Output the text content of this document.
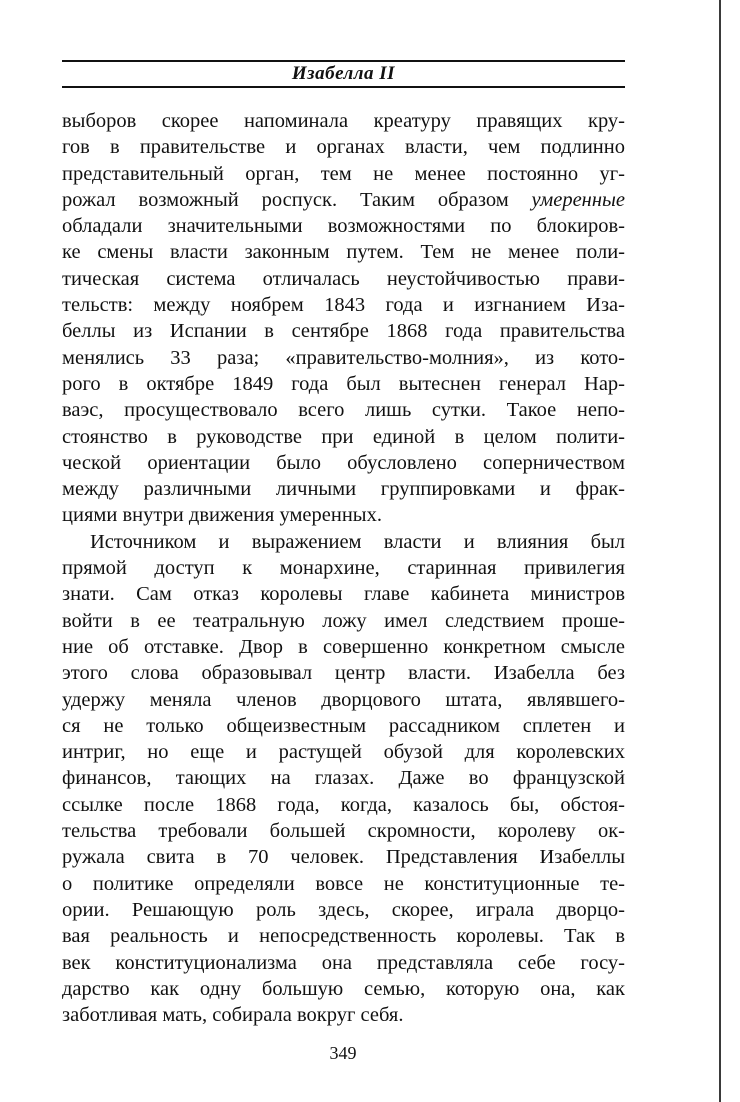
Изабелла II
выборов скорее напоминала креатуру правящих кру-
гов в правительстве и органах власти, чем подлинно
представительный орган, тем не менее постоянно уг-
рожал возможный роспуск. Таким образом умеренные
обладали значительными возможностями по блокиров-
ке смены власти законным путем. Тем не менее поли-
тическая система отличалась неустойчивостью прави-
тельств: между ноябрем 1843 года и изгнанием Иза-
беллы из Испании в сентябре 1868 года правительства
менялись 33 раза; «правительство-молния», из кото-
рого в октябре 1849 года был вытеснен генерал Нар-
ваэс, просуществовало всего лишь сутки. Такое непо-
стоянство в руководстве при единой в целом полити-
ческой ориентации было обусловлено соперничеством
между различными личными группировками и фрак-
циями внутри движения умеренных.
Источником и выражением власти и влияния был
прямой доступ к монархине, старинная привилегия
знати. Сам отказ королевы главе кабинета министров
войти в ее театральную ложу имел следствием проше-
ние об отставке. Двор в совершенно конкретном смысле
этого слова образовывал центр власти. Изабелла без
удержу меняла членов дворцового штата, являвшего-
ся не только общеизвестным рассадником сплетен и
интриг, но еще и растущей обузой для королевских
финансов, тающих на глазах. Даже во французской
ссылке после 1868 года, когда, казалось бы, обстоя-
тельства требовали большей скромности, королеву ок-
ружала свита в 70 человек. Представления Изабеллы
о политике определяли вовсе не конституционные те-
ории. Решающую роль здесь, скорее, играла дворцо-
вая реальность и непосредственность королевы. Так в
век конституционализма она представляла себе госу-
дарство как одну большую семью, которую она, как
заботливая мать, собирала вокруг себя.
349
